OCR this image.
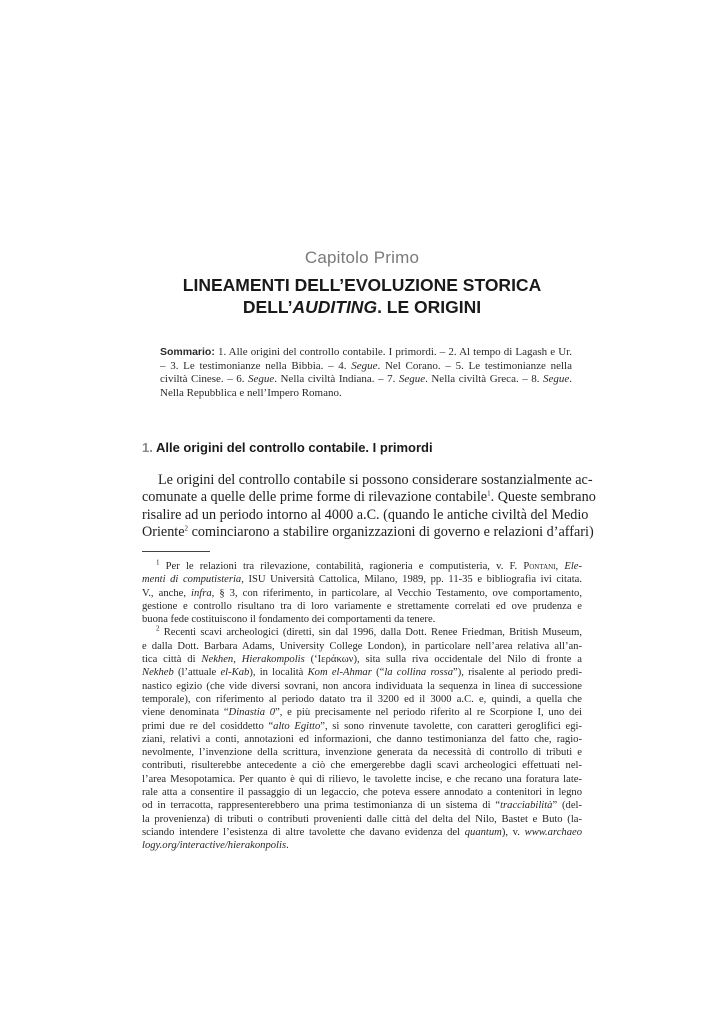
Capitolo Primo
LINEAMENTI DELL’EVOLUZIONE STORICA
DELL’AUDITING. LE ORIGINI
Sommario: 1. Alle origini del controllo contabile. I primordi. – 2. Al tempo di Lagash e Ur. – 3. Le testimonianze nella Bibbia. – 4. Segue. Nel Corano. – 5. Le testimonianze nella civiltà Cinese. – 6. Segue. Nella civiltà Indiana. – 7. Segue. Nella civiltà Greca. – 8. Segue. Nella Repubblica e nell’Impero Romano.
1. Alle origini del controllo contabile. I primordi
Le origini del controllo contabile si possono considerare sostanzialmente ac-
comunate a quelle delle prime forme di rilevazione contabile$^1$. Queste sembrano
risalire ad un periodo intorno al 4000 a.C. (quando le antiche civiltà del Medio
Oriente$^2$ cominciarono a stabilire organizzazioni di governo e relazioni d’affari)
$^1$ Per le relazioni tra rilevazione, contabilità, ragioneria e computisteria, v. F. Pontani, Ele-
menti di computisteria, ISU Università Cattolica, Milano, 1989, pp. 11-35 e bibliografia ivi citata.
V., anche, infra, § 3, con riferimento, in particolare, al Vecchio Testamento, ove comportamento,
gestione e controllo risultano tra di loro variamente e strettamente correlati ed ove prudenza e
buona fede costituiscono il fondamento dei comportamenti da tenere.
$^2$ Recenti scavi archeologici (diretti, sin dal 1996, dalla Dott. Renee Friedman, British Museum,
e dalla Dott. Barbara Adams, University College London), in particolare nell’area relativa all’an-
tica città di Nekhen, Hierakompolis (‘Ιεράκων), sita sulla riva occidentale del Nilo di fronte a
Nekheb (l’attuale el-Kab), in località Kom el-Ahmar (“la collina rossa”), risalente al periodo predi-
nastico egizio (che vide diversi sovrani, non ancora individuata la sequenza in linea di successione
temporale), con riferimento al periodo datato tra il 3200 ed il 3000 a.C. e, quindi, a quella che
viene denominata “Dinastia 0”, e più precisamente nel periodo riferito al re Scorpione I, uno dei
primi due re del cosiddetto “alto Egitto”, si sono rinvenute tavolette, con caratteri geroglifici egi-
ziani, relativi a conti, annotazioni ed informazioni, che danno testimonianza del fatto che, ragio-
nevolmente, l’invenzione della scrittura, invenzione generata da necessità di controllo di tributi e
contributi, risulterebbe antecedente a ciò che emergerebbe dagli scavi archeologici effettuati nel-
l’area Mesopotamica. Per quanto è qui di rilievo, le tavolette incise, e che recano una foratura late-
rale atta a consentire il passaggio di un legaccio, che poteva essere annodato a contenitori in legno
od in terracotta, rappresenterebbero una prima testimonianza di un sistema di “tracciabilità” (del-
la provenienza) di tributi o contributi provenienti dalle città del delta del Nilo, Bastet e Buto (la-
sciando intendere l’esistenza di altre tavolette che davano evidenza del quantum), v. www.archaeo
logy.org/interactive/hierakonpolis.
